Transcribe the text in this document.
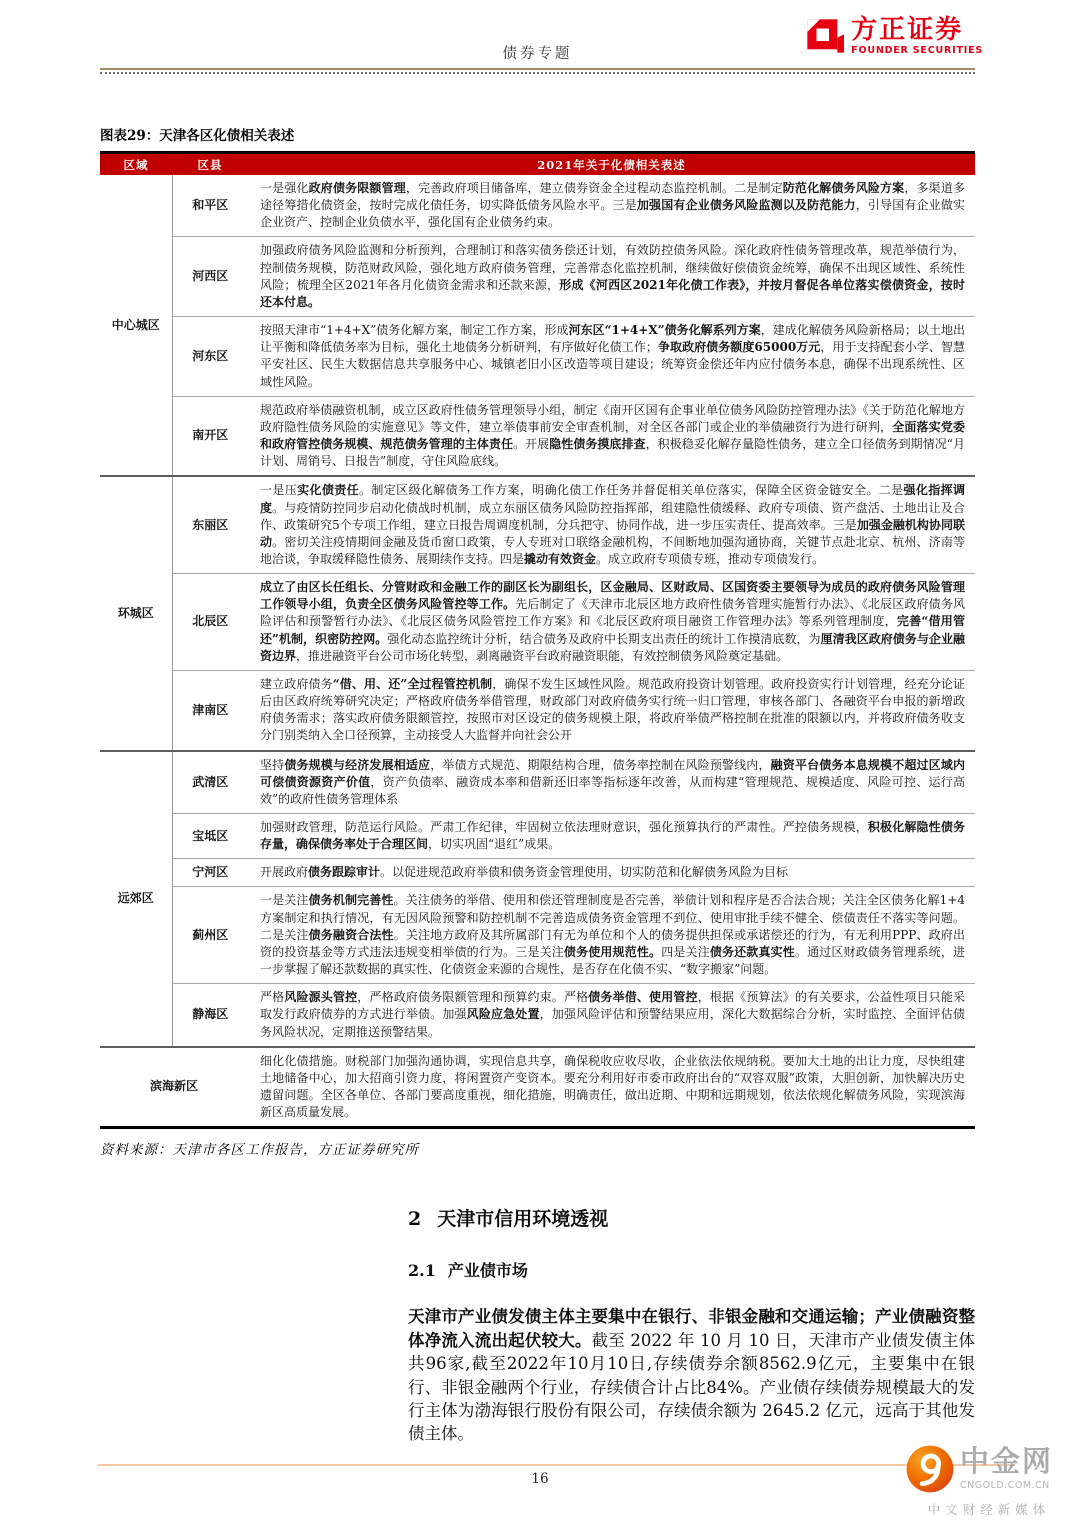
债券专题
方正证券
FOUNDER SECURITIES
图表29：天津各区化债相关表述
区域	区县	2021年关于化债相关表述
中心城区	和平区	一是强化政府债务限额管理，完善政府项目储备库，建立债券资金全过程动态监控机制。二是制定防范化解债务风险方案，多渠道多途径筹措化债资金，按时完成化债任务，切实降低债务风险水平。三是加强国有企业债务风险监测以及防范能力，引导国有企业做实企业资产、控制企业负债水平，强化国有企业债务约束。
	河西区	加强政府债务风险监测和分析预判，合理制订和落实债务偿还计划，有效防控债务风险。深化政府性债务管理改革，规范举债行为，控制债务规模，防范财政风险，强化地方政府债务管理，完善常态化监控机制，继续做好偿债资金统筹，确保不出现区域性、系统性风险；梳理全区2021年各月化债资金需求和还款来源，形成《河西区2021年化债工作表》，并按月督促各单位落实偿债资金，按时还本付息。
	河东区	按照天津市“1+4+X”债务化解方案，制定工作方案，形成河东区“1+4+X”债务化解系列方案，建成化解债务风险新格局；以土地出让平衡和降低债务率为目标，强化土地债务分析研判，有序做好化债工作；争取政府债务额度65000万元，用于支持配套小学、智慧平安社区、民生大数据信息共享服务中心、城镇老旧小区改造等项目建设；统筹资金偿还年内应付债务本息，确保不出现系统性、区域性风险。
	南开区	规范政府举债融资机制，成立区政府性债务管理领导小组，制定《南开区国有企事业单位债务风险防控管理办法》《关于防范化解地方政府隐性债务风险的实施意见》等文件，建立举债事前安全审查机制，对全区各部门或企业的举债融资行为进行研判，全面落实党委和政府管控债务规模、规范债务管理的主体责任。开展隐性债务摸底排查，积极稳妥化解存量隐性债务，建立全口径债务到期情况“月计划、周销号、日报告”制度，守住风险底线。
环城区	东丽区	一是压实化债责任。制定区级化解债务工作方案，明确化债工作任务并督促相关单位落实，保障全区资金链安全。二是强化指挥调度。与疫情防控同步启动化债战时机制，成立东丽区债务风险防控指挥部，组建隐性债缓释、政府专项债、资产盘活、土地出让及合作、政策研究5个专项工作组，建立日报告周调度机制，分兵把守、协同作战，进一步压实责任、提高效率。三是加强金融机构协同联动。密切关注疫情期间金融及货币窗口政策，专人专班对口联络金融机构，不间断地加强沟通协商，关键节点赴北京、杭州、济南等地洽谈，争取缓释隐性债务、展期续作支持。四是撬动有效资金。成立政府专项债专班，推动专项债发行。
	北辰区	成立了由区长任组长、分管财政和金融工作的副区长为副组长，区金融局、区财政局、区国资委主要领导为成员的政府债务风险管理工作领导小组，负责全区债务风险管控等工作。先后制定了《天津市北辰区地方政府性债务管理实施暂行办法》、《北辰区政府债务风险评估和预警暂行办法》、《北辰区债务风险管控工作方案》和《北辰区政府项目融资工作管理办法》等系列管理制度，完善“借用管还”机制，织密防控网。强化动态监控统计分析，结合债务及政府中长期支出责任的统计工作摸清底数，为厘清我区政府债务与企业融资边界，推进融资平台公司市场化转型，剥离融资平台政府融资职能，有效控制债务风险奠定基础。
	津南区	建立政府债务“借、用、还”全过程管控机制，确保不发生区域性风险。规范政府投资计划管理。政府投资实行计划管理，经充分论证后由区政府统筹研究决定；严格政府债务举借管理，财政部门对政府债务实行统一归口管理，审核各部门、各融资平台申报的新增政府债务需求；落实政府债务限额管控，按照市对区设定的债务规模上限，将政府举债严格控制在批准的限额以内，并将政府债务收支分门别类纳入全口径预算，主动接受人大监督并向社会公开
远郊区	武清区	坚持债务规模与经济发展相适应，举债方式规范、期限结构合理，债务率控制在风险预警线内，融资平台债务本息规模不超过区域内可偿债资源资产价值，资产负债率、融资成本率和借新还旧率等指标逐年改善，从而构建“管理规范、规模适度、风险可控、运行高效”的政府性债务管理体系
	宝坻区	加强财政管理，防范运行风险。严肃工作纪律，牢固树立依法理财意识，强化预算执行的严肃性。严控债务规模，积极化解隐性债务存量，确保债务率处于合理区间，切实巩固“退红”成果。
	宁河区	开展政府债务跟踪审计。以促进规范政府举债和债务资金管理使用，切实防范和化解债务风险为目标
	蓟州区	一是关注债务机制完善性。关注债务的举借、使用和偿还管理制度是否完善，举债计划和程序是否合法合规；关注全区债务化解1+4方案制定和执行情况，有无因风险预警和防控机制不完善造成债务资金管理不到位、使用审批手续不健全、偿债责任不落实等问题。二是关注债务融资合法性。关注地方政府及其所属部门有无为单位和个人的债务提供担保或承诺偿还的行为，有无利用PPP、政府出资的投资基金等方式违法违规变相举债的行为。三是关注债务使用规范性。四是关注债务还款真实性。通过区财政债务管理系统，进一步掌握了解还款数据的真实性、化债资金来源的合规性，是否存在化债不实、“数字搬家”问题。
	静海区	严格风险源头管控，严格政府债务限额管理和预算约束。严格债务举借、使用管控，根据《预算法》的有关要求，公益性项目只能采取发行政府债券的方式进行举债。加强风险应急处置，加强风险评估和预警结果应用，深化大数据综合分析，实时监控、全面评估债务风险状况，定期推送预警结果。
滨海新区		细化化债措施。财税部门加强沟通协调，实现信息共享，确保税收应收尽收，企业依法依规纳税。要加大土地的出让力度，尽快组建土地储备中心，加大招商引资力度，将闲置资产变资本。要充分利用好市委市政府出台的“双容双服”政策，大胆创新，加快解决历史遗留问题。全区各单位、各部门要高度重视，细化措施，明确责任，做出近期、中期和远期规划，依法依规化解债务风险，实现滨海新区高质量发展。
资料来源：天津市各区工作报告，方正证券研究所
2 天津市信用环境透视
2.1 产业债市场
天津市产业债发债主体主要集中在银行、非银金融和交通运输；产业债融资整体净流入流出起伏较大。截至 2022 年 10 月 10 日，天津市产业债发债主体共96家,截至2022年10月10日,存续债券余额8562.9亿元，主要集中在银行、非银金融两个行业，存续债合计占比84%。产业债存续债券规模最大的发行主体为渤海银行股份有限公司，存续债余额为 2645.2 亿元，远高于其他发债主体。
16
中金网
CNGOLD.COM.CN
中文财经新媒体
